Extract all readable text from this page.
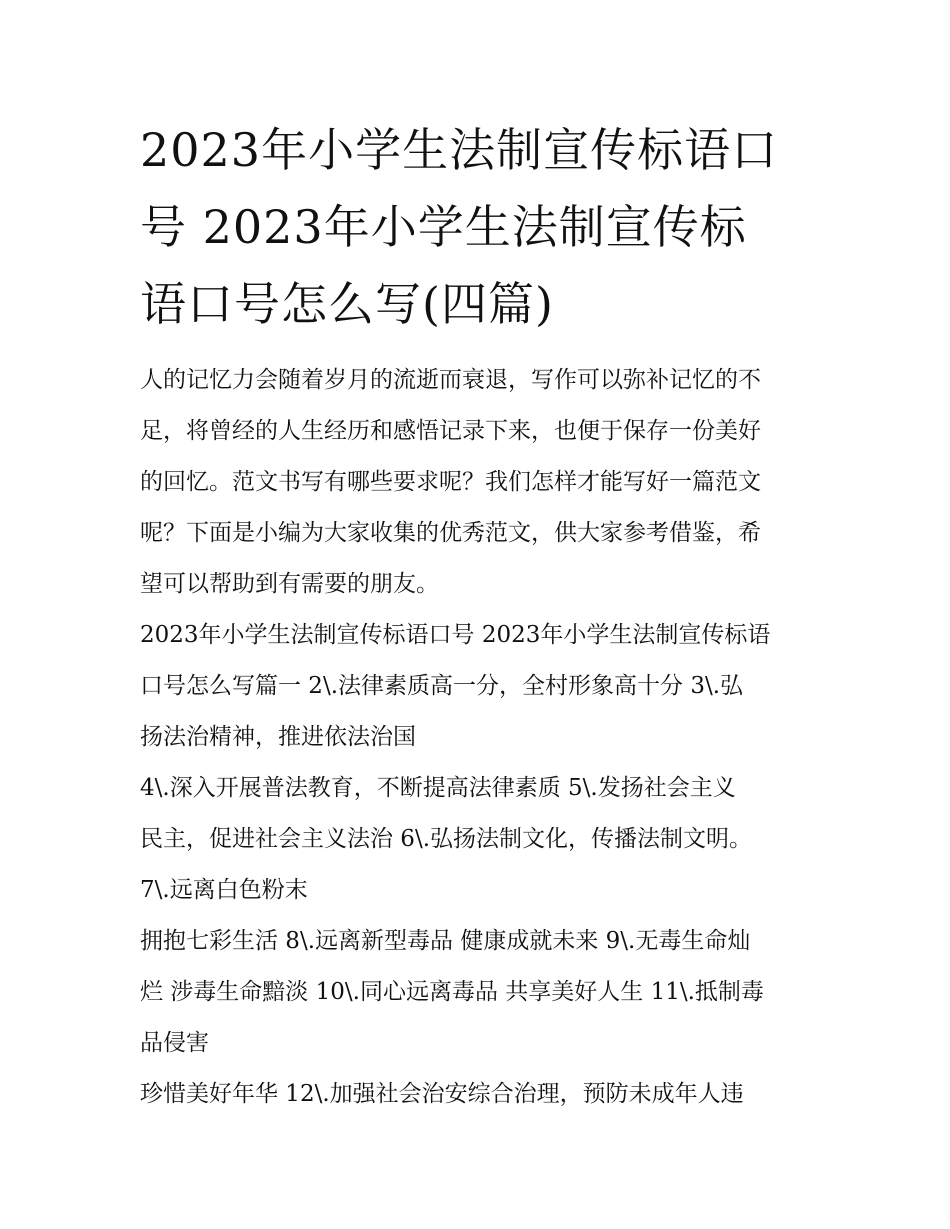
2023年小学生法制宣传标语口
号 2023年小学生法制宣传标
语口号怎么写(四篇)
人的记忆力会随着岁月的流逝而衰退，写作可以弥补记忆的不
足，将曾经的人生经历和感悟记录下来，也便于保存一份美好
的回忆。范文书写有哪些要求呢？我们怎样才能写好一篇范文
呢？下面是小编为大家收集的优秀范文，供大家参考借鉴，希
望可以帮助到有需要的朋友。
2023年小学生法制宣传标语口号 2023年小学生法制宣传标语
口号怎么写篇一 2\.法律素质高一分，全村形象高十分 3\.弘
扬法治精神，推进依法治国
4\.深入开展普法教育，不断提高法律素质 5\.发扬社会主义
民主，促进社会主义法治 6\.弘扬法制文化，传播法制文明。
7\.远离白色粉末
拥抱七彩生活 8\.远离新型毒品 健康成就未来 9\.无毒生命灿
烂 涉毒生命黯淡 10\.同心远离毒品 共享美好人生 11\.抵制毒
品侵害
珍惜美好年华 12\.加强社会治安综合治理，预防未成年人违
